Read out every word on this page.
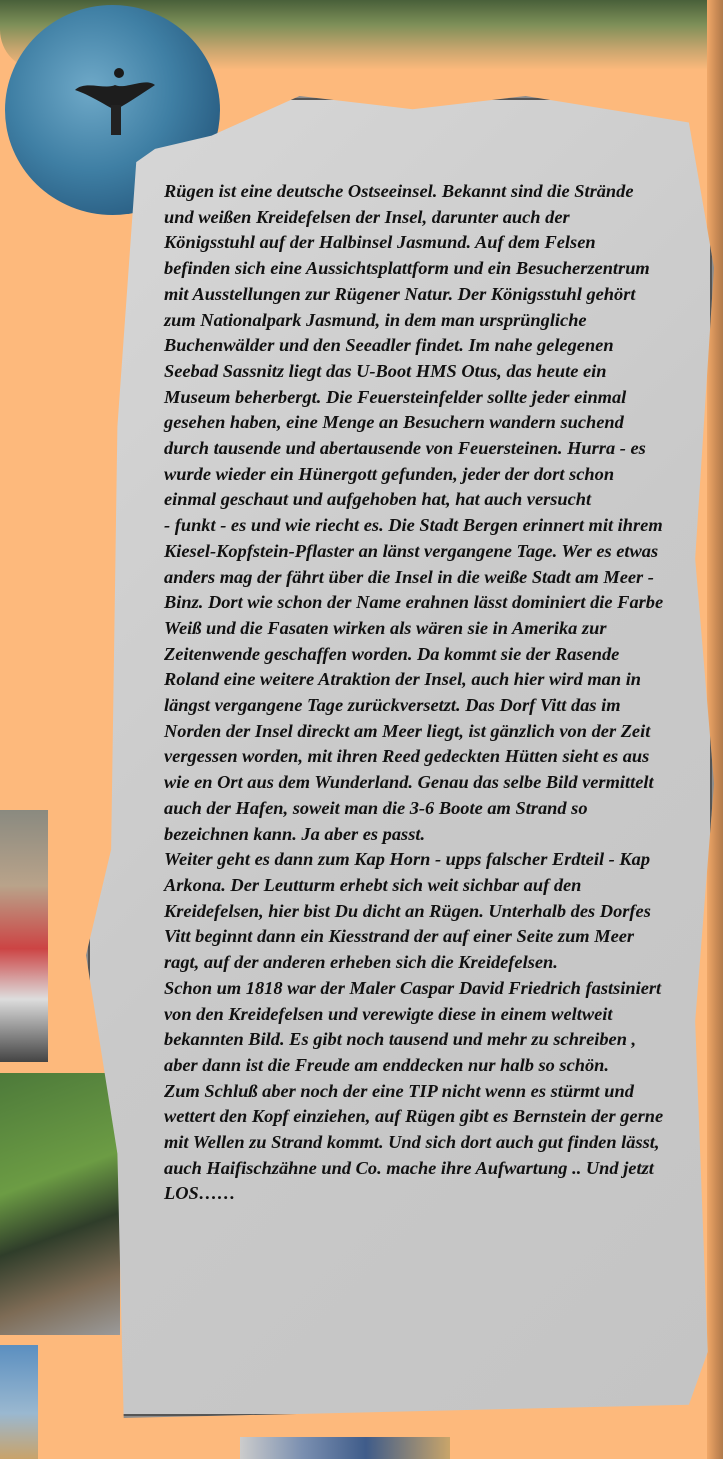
Rügen ist eine deutsche Ostseeinsel. Bekannt sind die Strände und weißen Kreidefelsen der Insel, darunter auch der Königsstuhl auf der Halbinsel Jasmund. Auf dem Felsen befinden sich eine Aussichtsplattform und ein Besucherzentrum mit Ausstellungen zur Rügener Natur. Der Königsstuhl gehört zum Nationalpark Jasmund, in dem man ursprüngliche Buchenwälder und den Seeadler findet. Im nahe gelegenen Seebad Sassnitz liegt das U-Boot HMS Otus, das heute ein Museum beherbergt. Die Feuersteinfelder sollte jeder einmal gesehen haben, eine Menge an Besuchern wandern suchend durch tausende und abertausende von Feuersteinen. Hurra - es wurde wieder ein Hünergott gefunden, jeder der dort schon einmal geschaut und aufgehoben hat, hat auch versucht

- funkt - es und wie riecht es. Die Stadt Bergen erinnert mit ihrem Kiesel-Kopfstein-Pflaster an länst vergangene Tage. Wer es etwas anders mag der fährt über die Insel in die weiße Stadt am Meer -Binz. Dort wie schon der Name erahnen lässt dominiert die Farbe Weiß und die Fasaten wirken als wären sie in Amerika zur Zeitenwende geschaffen worden. Da kommt sie der Rasende Roland eine weitere Atraktion der Insel, auch hier wird man in längst vergangene Tage zurückversetzt. Das Dorf Vitt das im Norden der Insel direckt am Meer liegt, ist gänzlich von der Zeit vergessen worden, mit ihren Reed gedeckten Hütten sieht es aus wie en Ort aus dem Wunderland. Genau das selbe Bild vermittelt auch der Hafen, soweit man die 3-6 Boote am Strand so bezeichnen kann. Ja aber es passt.

Weiter geht es dann zum Kap Horn - upps falscher Erdteil - Kap Arkona. Der Leutturm erhebt sich weit sichbar auf den Kreidefelsen, hier bist Du dicht an Rügen. Unterhalb des Dorfes Vitt beginnt dann ein Kiesstrand der auf einer Seite zum Meer ragt, auf der anderen erheben sich die Kreidefelsen.

Schon um 1818 war der Maler Caspar David Friedrich fastsiniert von den Kreidefelsen und verewigte diese in einem weltweit bekannten Bild. Es gibt noch tausend und mehr zu schreiben , aber dann ist die Freude am enddecken nur halb so schön.

Zum Schluß aber noch der eine TIP nicht wenn es stürmt und wettert den Kopf einziehen, auf Rügen gibt es Bernstein der gerne mit Wellen zu Strand kommt. Und sich dort auch gut finden lässt, auch Haifischzähne und Co. mache ihre Aufwartung .. Und jetzt LOS……
